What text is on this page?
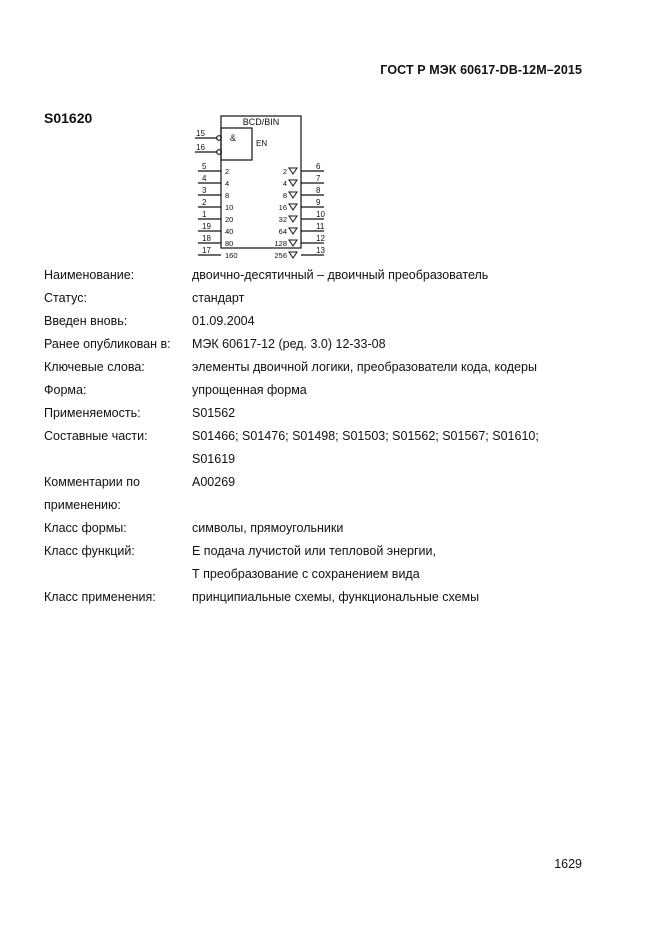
ГОСТ Р МЭК 60617-DB-12М–2015
S01620	BCD/BIN
&
EN
15
16
5
2
4
4
3
8
2
10
1
20
19
40
18
80
17
160
2
6
4
7
8
8
16
9
32
10
64
11
128
12
256
13
Наименование:	двоично-десятичный – двоичный преобразователь
Статус:	стандарт
Введен вновь:	01.09.2004
Ранее опубликован в:	МЭК 60617-12 (ред. 3.0) 12-33-08
Ключевые слова:	элементы двоичной логики, преобразователи кода, кодеры
Форма:	упрощенная форма
Применяемость:	S01562
Составные части:	S01466; S01476; S01498; S01503; S01562; S01567; S01610;
S01619
Комментарии по применению:
A00269
Класс формы:	символы, прямоугольники
Класс функций:	Е подача лучистой или тепловой энергии,
Т преобразование с сохранением вида
Класс применения:	принципиальные схемы, функциональные схемы
1629
